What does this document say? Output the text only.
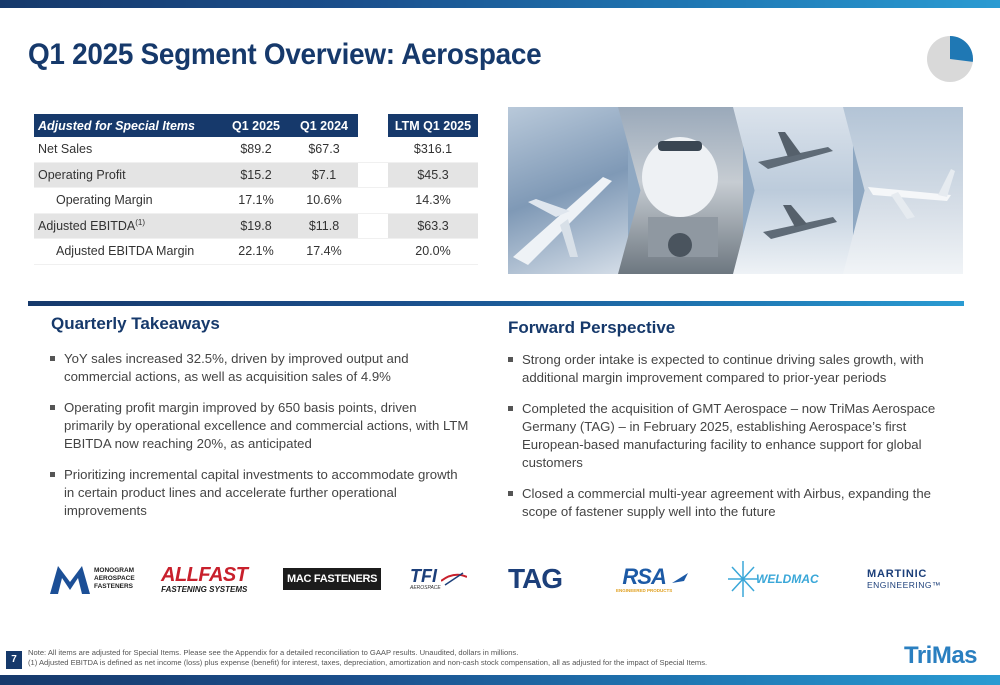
Q1 2025 Segment Overview: Aerospace
Adjusted for Special Items	Q1 2025	Q1 2024		LTM Q1 2025
Net Sales	$89.2	$67.3		$316.1
Operating Profit	$15.2	$7.1		$45.3
Operating Margin	17.1%	10.6%		14.3%
Adjusted EBITDA$^{(1)}$	$19.8	$11.8		$63.3
Adjusted EBITDA Margin	22.1%	17.4%		20.0%
Quarterly Takeaways
YoY sales increased 32.5%, driven by improved output and commercial actions, as well as acquisition sales of 4.9%
Operating profit margin improved by 650 basis points, driven primarily by operational excellence and commercial actions, with LTM EBITDA now reaching 20%, as anticipated
Prioritizing incremental capital investments to accommodate growth in certain product lines and accelerate further operational improvements
Forward Perspective
Strong order intake is expected to continue driving sales growth, with additional margin improvement compared to prior-year periods
Completed the acquisition of GMT Aerospace – now TriMas Aerospace Germany (TAG) – in February 2025, establishing Aerospace’s first European-based manufacturing facility to enhance support for global customers
Closed a commercial multi-year agreement with Airbus, expanding the scope of fastener supply well into the future
MONOGRAM
AEROSPACE
FASTENERS
ALLFAST
FASTENING SYSTEMS
MAC FASTENERS TFI
AEROSPACE TAG	RSA
ENGINEERED PRODUCTS
WELDMAC	MARTINIC
ENGINEERING™
7
Note: All items are adjusted for Special Items. Please see the Appendix for a detailed reconciliation to GAAP results. Unaudited, dollars in millions.
(1) Adjusted EBITDA is defined as net income (loss) plus expense (benefit) for interest, taxes, depreciation, amortization and non-cash stock compensation, all as adjusted for the impact of Special Items.	TriMas
